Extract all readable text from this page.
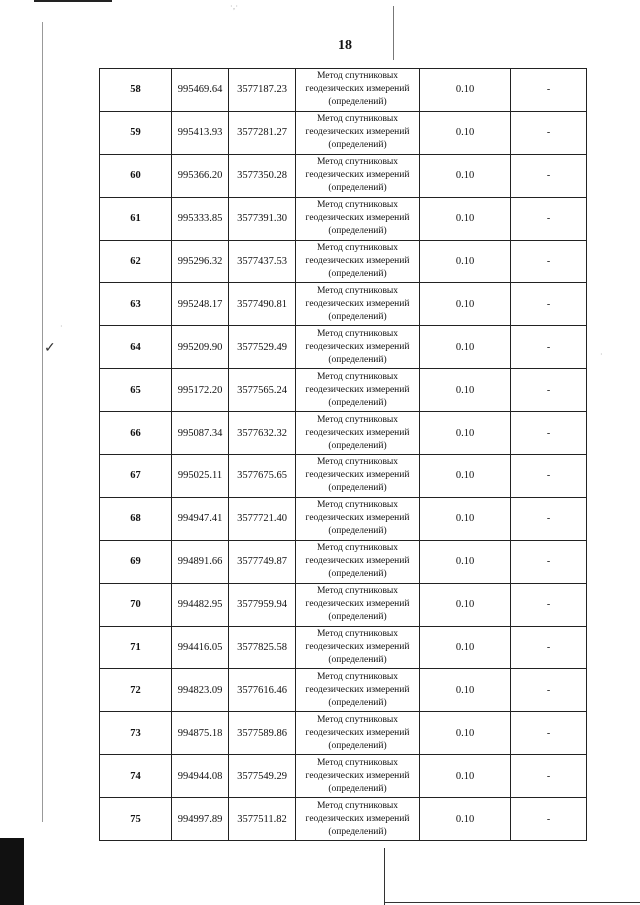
✓
·‚·
·
·
18
58	995469.64	3577187.23	Метод спутниковых геодезических измерений (определений)	0.10	-
59	995413.93	3577281.27	Метод спутниковых геодезических измерений (определений)	0.10	-
60	995366.20	3577350.28	Метод спутниковых геодезических измерений (определений)	0.10	-
61	995333.85	3577391.30	Метод спутниковых геодезических измерений (определений)	0.10	-
62	995296.32	3577437.53	Метод спутниковых геодезических измерений (определений)	0.10	-
63	995248.17	3577490.81	Метод спутниковых геодезических измерений (определений)	0.10	-
64	995209.90	3577529.49	Метод спутниковых геодезических измерений (определений)	0.10	-
65	995172.20	3577565.24	Метод спутниковых геодезических измерений (определений)	0.10	-
66	995087.34	3577632.32	Метод спутниковых геодезических измерений (определений)	0.10	-
67	995025.11	3577675.65	Метод спутниковых геодезических измерений (определений)	0.10	-
68	994947.41	3577721.40	Метод спутниковых геодезических измерений (определений)	0.10	-
69	994891.66	3577749.87	Метод спутниковых геодезических измерений (определений)	0.10	-
70	994482.95	3577959.94	Метод спутниковых геодезических измерений (определений)	0.10	-
71	994416.05	3577825.58	Метод спутниковых геодезических измерений (определений)	0.10	-
72	994823.09	3577616.46	Метод спутниковых геодезических измерений (определений)	0.10	-
73	994875.18	3577589.86	Метод спутниковых геодезических измерений (определений)	0.10	-
74	994944.08	3577549.29	Метод спутниковых геодезических измерений (определений)	0.10	-
75	994997.89	3577511.82	Метод спутниковых геодезических измерений (определений)	0.10	-
